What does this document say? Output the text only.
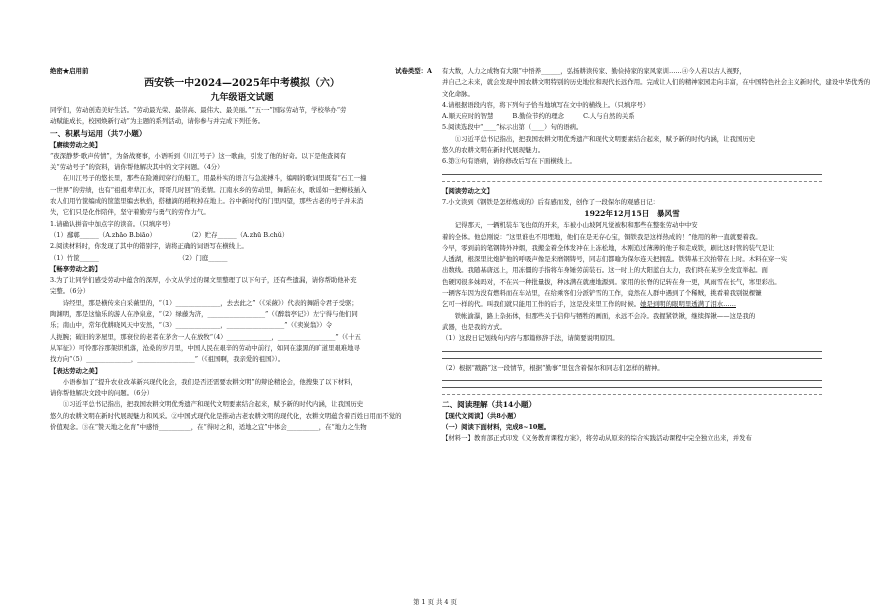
绝密★启用前	试卷类型：A
西安铁一中2024—2025年中考模拟（六）
九年级语文试题
同学们，劳动创造美好生活。“劳动最光荣、最崇高、最伟大、最美丽。”“五·一”国际劳动节，学校举办“劳
动赋能成长，校园焕新行动”为主题的系列活动，请你参与并完成下列任务。
一、积累与运用（共7小题）
【赓续劳动之美】
“夜深静梦·歌声传情”，为备战赛事，小语听到《川江号子》这一歌曲，引发了他的好奇。以下是他查阅有
关“劳动号子”的资料，请你帮他解决其中的文字问题。（4分）
　　在川江号子的悠长里，那些在险滩间穿行的船工，用最朴实的语言与急流搏斗，编唱的歌词里既有“石工一撞
一世界”的劳绩，也有“祖祖辈辈江水，哥哥几时回”的柔情。江南水乡的劳动里，舞蹈在水，歌谣如一把柳枝插入
农人们用竹筐编成的筐篮里编去秋拾，搭穗滴的稻粒掉在地上。谷中新时代的门里四望，那些古老的号子并未消
失，它们只是化作陪伴，坚守着勤劳与勇气的劳作力气。
1.请确认拼音中加点字的读音。（只填序号）
（1）鄱鄣______（A.zhāo B.biāo）　　　　　　（2）贮存______（A.zhū B.chǔ）
2.阅读材料时，你发现了其中的错别字，请将正确的词语写在横线上。
（1）竹筐______　　　　　　　　　　　　　（2）门庭______
【畅享劳动之韵】
3.为了让同学们感受劳动中蕴含的深厚，小文从学过的课文里整理了以下句子，还有些遗漏，请你帮助他补充
完整。（6分）
　　诗经里，那是横传来自采薇里的，“（1）______________，去去此之”（《采薇》）代表的舞蹈令君子受驱；
陶渊明，那是这愉乐的游人在净泉意，“（2）绿藤为济，__________________”（《醉翁亭记》）左宁得与他们同
乐；南山中，常年优耕晓风天中安然，“（3）______________，__________________”（《卖炭翁》）令
人扼腕；破旧的茅屋里，那衰位的老者在茅舍一人在放牧“（4）______________，__________________”（《十五
从军征》）可怜那谷那架织机落，沧桑的岁月里，中国人民在艰辛的劳动中前行，如同在漆黑的旷道里艰难地寻
找方向“（5）______________，__________________”（《祖国啊，我亲爱的祖国》）。
【表达劳动之美】
　　小语参加了“提升农业改革新兴现代化会，我们是否还需要农耕文明”的辩论精论会，他搜集了以下材料，
请你帮他解决文段中的问题。（6分）
　　①习近平总书记指出，把我国农耕文明优秀遗产和现代文明要素结合起来，赋予新的时代内涵，让我国历史
悠久的农耕文明在新时代展现魅力和风采。②中国式现代化是推动古老农耕文明的现代化，农耕文明蕴含着百姓日用而不觉的
价值观念。③在“赞天地之化育”中感悟__________，在“得时之和，适地之宜”中体会__________，在“地力之生物
有大数，人力之成物有大限”中悟养______，弘扬耕读传家、勤俭持家的家风家训……④今人若以古人视野，
并自己之未来，就会发现中国农耕文明特别的历史地位和现代长远作用。完成让人们的精神家园走向丰富，在中国特色社会主义新时代，建设中华优秀的
文化命脉。
4.请根据语段内容，将下列句子恰当地填写在文中的横线上。（只填序号）
A.顺天应时的智慧　　　B.勤俭节约的理念　　　C.人与自然的关系
5.阅读选段中“____”标示出第（____）句的语病。
　　①习近平总书记指出，把我国农耕文明优秀遗产和现代文明要素结合起来，赋予新的时代内涵，让我国历史
悠久的农耕文明在新时代展现魅力。
6.第③句有语病，请你修改后写在下面横线上。
【阅读劳动之文】
7.小文读到《钢铁是怎样炼成的》后有感而发，创作了一段保尔的观感日记：
1922年12月15日　暴风雪
　　记得那天，一辆机装车飞也似的开来，车被小山坡阿凡觉被积和那些在整张劳动中中安
着的全体。他总刚说：“这里谁也不用埋地，他们在是无存心宝，铜铁我是这样热成的！”他用的种一直就要着我。
今早，零到前的笔钢铸外冲烟，我搬金着全体发冲在上冻松地，木刚追过薄薄的他子和走成铁，刷比这时管的装气是让
人透湖，根深里比炮铲他的呼吸声像是来磨钢铸号，同志们都喻为保尔连天把拥乱。铁铸基王次拍带在上时。木料在穿一实
出数线。我随基唐远上，用冻僵的手指将车身锤劳前装石。这一时上的大阳蓝白太力，我们终在某岁全发宣举起。面
色硬冈很多妹吗对，不在兴一种批量拔，种冰满在就虔地源到。家用的长脊的记转在身一更，风雨雪在长气，寒里彩出。
一辆客车因为没有燃料而在车站里，在给乘客们分派铲雪的工作，竟然在人群中遇到了个稀贼，挑看着我别锐棵镰
乞可一样的代。叫我们就只能用工作的后手，这是没来里工作的时候。她是到明的眼明里透满了泪水……
　　铁帐渝瀑，路上杂拓体，但那些关于信仰与牺牲的画面，永远不会冷。我握紧铁锹，继续挥锹——这是我的
武器，也是我的方式。
（1）这段日记划线句内容与那篇修辞手法，请简要说明原因。
（2）根据“戳路”这一段情节，根据“勤事”里包含着保尔和同志们怎样的精神。
二、阅读理解（共14小题）
【现代文阅读】（共8小题）
（一）阅读下面材料，完成8~10题。
【材料一】教育部正式印发《义务教育课程方案》，将劳动从原来的综合实践活动课程中完全独立出来，并发布
第 1 页 共 4 页
